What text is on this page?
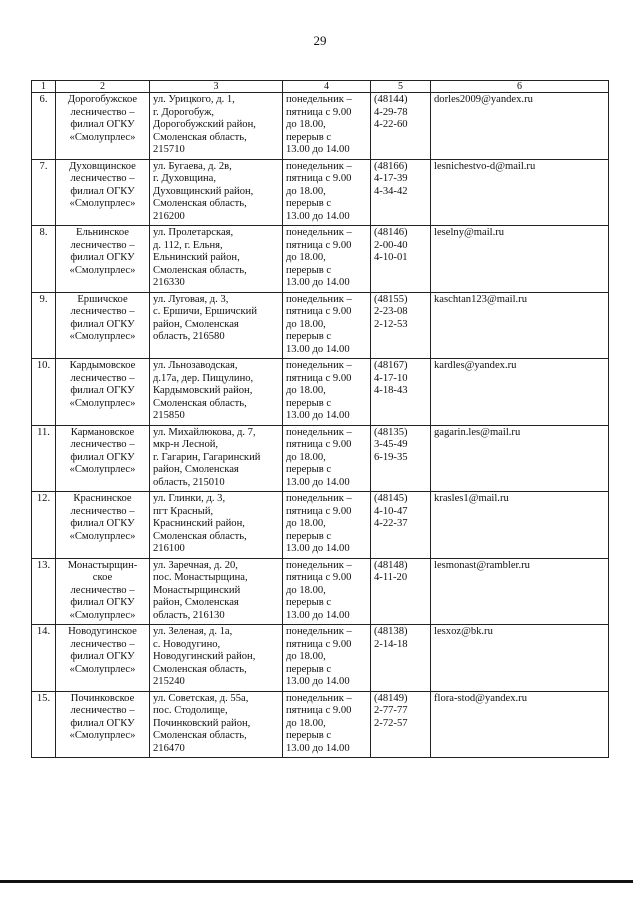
29
1	2	3	4	5	6
6.	Дорогобужское
лесничество –
филиал ОГКУ
«Смолупрлес»	ул. Урицкого, д. 1,
г. Дорогобуж,
Дорогобужский район,
Смоленская область,
215710	понедельник –
пятница с 9.00
до 18.00,
перерыв с
13.00 до 14.00	(48144)
4-29-78
4-22-60	dorles2009@yandex.ru
7.	Духовщинское
лесничество –
филиал ОГКУ
«Смолупрлес»	ул. Бугаева, д. 2в,
г. Духовщина,
Духовщинский район,
Смоленская область,
216200	понедельник –
пятница с 9.00
до 18.00,
перерыв с
13.00 до 14.00	(48166)
4-17-39
4-34-42	lesnichestvo-d@mail.ru
8.	Ельнинское
лесничество –
филиал ОГКУ
«Смолупрлес»	ул. Пролетарская,
д. 112, г. Ельня,
Ельнинский район,
Смоленская область,
216330	понедельник –
пятница с 9.00
до 18.00,
перерыв с
13.00 до 14.00	(48146)
2-00-40
4-10-01	leselny@mail.ru
9.	Ершичское
лесничество –
филиал ОГКУ
«Смолупрлес»	ул. Луговая, д. 3,
с. Ершичи, Ершичский
район, Смоленская
область, 216580	понедельник –
пятница с 9.00
до 18.00,
перерыв с
13.00 до 14.00	(48155)
2-23-08
2-12-53	kaschtan123@mail.ru
10.	Кардымовское
лесничество –
филиал ОГКУ
«Смолупрлес»	ул. Льнозаводская,
д.17а, дер. Пищулино,
Кардымовский район,
Смоленская область,
215850	понедельник –
пятница с 9.00
до 18.00,
перерыв с
13.00 до 14.00	(48167)
4-17-10
4-18-43	kardles@yandex.ru
11.	Кармановское
лесничество –
филиал ОГКУ
«Смолупрлес»	ул. Михайлюкова, д. 7,
мкр-н Лесной,
г. Гагарин, Гагаринский
район, Смоленская
область, 215010	понедельник –
пятница с 9.00
до 18.00,
перерыв с
13.00 до 14.00	(48135)
3-45-49
6-19-35	gagarin.les@mail.ru
12.	Краснинское
лесничество –
филиал ОГКУ
«Смолупрлес»	ул. Глинки, д. 3,
пгт Красный,
Краснинский район,
Смоленская область,
216100	понедельник –
пятница с 9.00
до 18.00,
перерыв с
13.00 до 14.00	(48145)
4-10-47
4-22-37	krasles1@mail.ru
13.	Монастырщин-
ское
лесничество –
филиал ОГКУ
«Смолупрлес»	ул. Заречная, д. 20,
пос. Монастырщина,
Монастырщинский
район, Смоленская
область, 216130	понедельник –
пятница с 9.00
до 18.00,
перерыв с
13.00 до 14.00	(48148)
4-11-20	lesmonast@rambler.ru
14.	Новодугинское
лесничество –
филиал ОГКУ
«Смолупрлес»	ул. Зеленая, д. 1а,
с. Новодугино,
Новодугинский район,
Смоленская область,
215240	понедельник –
пятница с 9.00
до 18.00,
перерыв с
13.00 до 14.00	(48138)
2-14-18	lesxoz@bk.ru
15.	Починковское
лесничество –
филиал ОГКУ
«Смолупрлес»	ул. Советская, д. 55а,
пос. Стодолище,
Починковский район,
Смоленская область,
216470	понедельник –
пятница с 9.00
до 18.00,
перерыв с
13.00 до 14.00	(48149)
2-77-77
2-72-57	flora-stod@yandex.ru
